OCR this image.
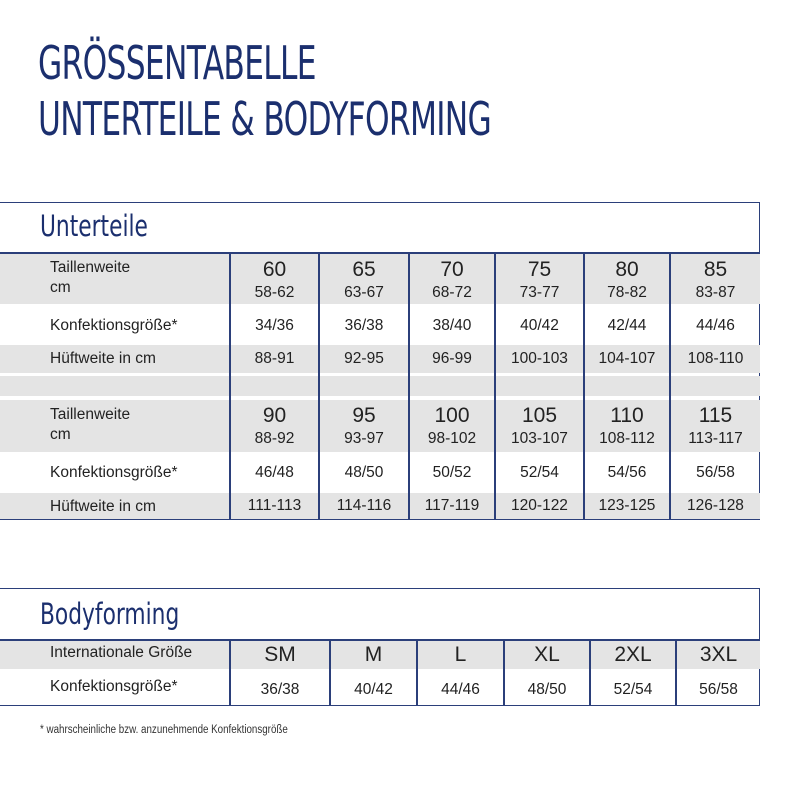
GRÖSSENTABELLE
UNTERTEILE & BODYFORMING
Unterteile
Taillenweite
cm
Konfektionsgröße*
Hüftweite in cm
Taillenweite
cm
Konfektionsgröße*
Hüftweite in cm
60
58-62
34/36
88-91
65
63-67
36/38
92-95
70
68-72
38/40
96-99
75
73-77
40/42
100-103
80
78-82
42/44
104-107
85
83-87
44/46
108-110
90
88-92
46/48
111-113
95
93-97
48/50
114-116
100
98-102
50/52
117-119
105
103-107
52/54
120-122
110
108-112
54/56
123-125
115
113-117
56/58
126-128
Bodyforming
Internationale Größe
Konfektionsgröße*
SM
36/38
M
40/42
L
44/46
XL
48/50
2XL
52/54
3XL
56/58
* wahrscheinliche bzw. anzunehmende Konfektionsgröße
